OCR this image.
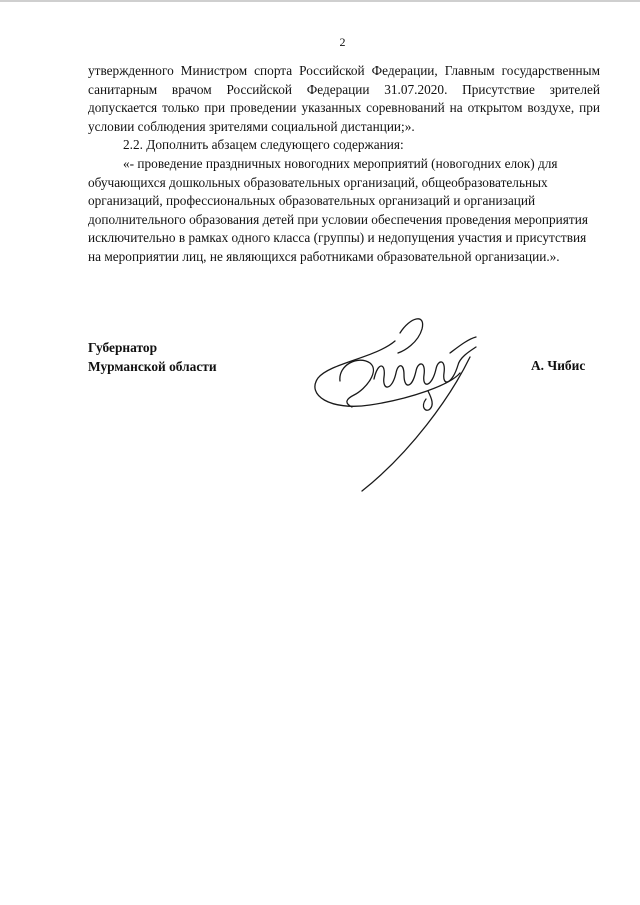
2

утвержденного Министром спорта Российской Федерации, Главным государственным санитарным врачом Российской Федерации 31.07.2020. Присутствие зрителей допускается только при проведении указанных соревнований на открытом воздухе, при условии соблюдения зрителями социальной дистанции;».

2.2. Дополнить абзацем следующего содержания:

«- проведение праздничных новогодних мероприятий (новогодних елок) для обучающихся дошкольных образовательных организаций, общеобразовательных организаций, профессиональных образовательных организаций и организаций дополнительного образования детей при условии обеспечения проведения мероприятия исключительно в рамках одного класса (группы) и недопущения участия и присутствия на мероприятии лиц, не являющихся работниками образовательной организации.».

Губернатор
Мурманской области	А. Чибис
